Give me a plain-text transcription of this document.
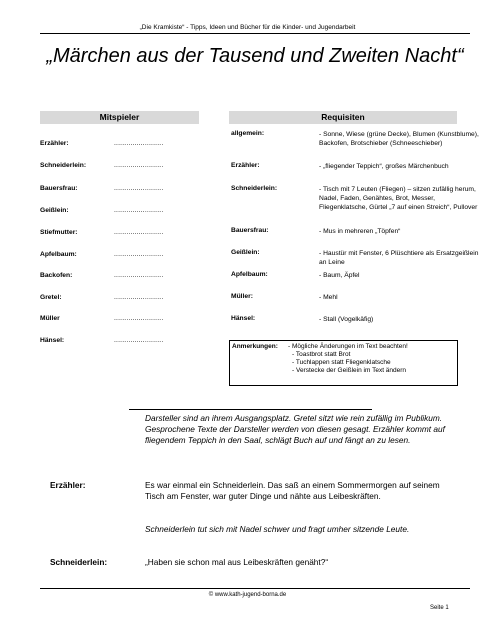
„Die Kramkiste“ - Tipps, Ideen und Bücher für die Kinder- und Jugendarbeit
„Märchen aus der Tausend und Zweiten Nacht“
Mitspieler
Erzähler:	........................
Schneiderlein:	........................
Bauersfrau:	........................
Geißlein:	........................
Stiefmutter:	........................
Apfelbaum:	........................
Backofen:	........................
Gretel:	........................
Müller	........................
Hänsel:	........................
Requisiten
allgemein:	- Sonne, Wiese (grüne Decke), Blumen (Kunstblume), Backofen, Brotschieber (Schneeschieber)
Erzähler:	- „fliegender Teppich“, großes Märchenbuch
Schneiderlein:	- Tisch mit 7 Leuten (Fliegen) – sitzen zufällig herum, Nadel, Faden, Genähtes, Brot, Messer, Fliegenklatsche, Gürtel „7 auf einen Streich“, Pullover
Bauersfrau:	- Mus in mehreren „Töpfen“
Geißlein:	- Haustür mit Fenster, 6 Plüschtiere als Ersatzgeißlein an Leine
Apfelbaum:	- Baum, Äpfel
Müller:	- Mehl
Hänsel:	- Stall (Vogelkäfig)
Anmerkungen: - Mögliche Änderungen im Text beachten!
- Toastbrot statt Brot
- Tuchlappen statt Fliegenklatsche
- Verstecke der Geißlein im Text ändern
Darsteller sind an ihrem Ausgangsplatz. Gretel sitzt wie rein zufällig im Publikum. Gesprochene Texte der Darsteller werden von diesen gesagt. Erzähler kommt auf fliegendem Teppich in den Saal, schlägt Buch auf und fängt an zu lesen.
Erzähler:	Es war einmal ein Schneiderlein. Das saß an einem Sommermorgen auf seinem Tisch am Fenster, war guter Dinge und nähte aus Leibeskräften.
Schneiderlein tut sich mit Nadel schwer und fragt umher sitzende Leute.
Schneiderlein:	„Haben sie schon mal aus Leibeskräften genäht?“
© www.kath-jugend-borna.de
Seite 1
